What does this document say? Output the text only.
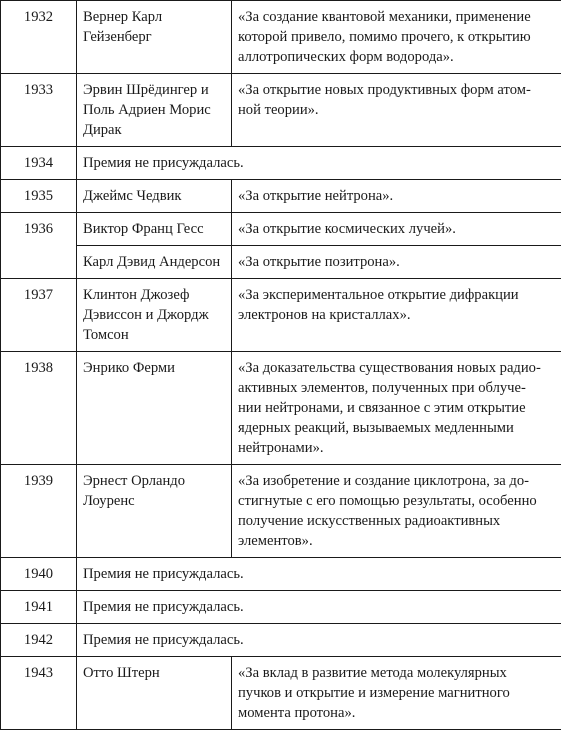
1932	Вернер Карл
Гейзенберг	«За создание квантовой механики, применение
которой привело, помимо прочего, к открытию
аллотропических форм водорода».
1933	Эрвин Шрёдингер и
Поль Адриен Морис
Дирак	«За открытие новых продуктивных форм атом-
ной теории».
1934	Премия не присуждалась.	
1935	Джеймс Чедвик	«За открытие нейтрона».
1936	Виктор Франц Гесс	«За открытие космических лучей».
	Карл Дэвид Андерсон	«За открытие позитрона».
1937	Клинтон Джозеф
Дэвиссон и Джордж
Томсон	«За экспериментальное открытие дифракции
электронов на кристаллах».
1938	Энрико Ферми	«За доказательства существования новых радио-
активных элементов, полученных при облуче-
нии нейтронами, и связанное с этим открытие
ядерных реакций, вызываемых медленными
нейтронами».
1939	Эрнест Орландо
Лоуренс	«За изобретение и создание циклотрона, за до-
стигнутые с его помощью результаты, особенно
получение искусственных радиоактивных
элементов».
1940	Премия не присуждалась.	
1941	Премия не присуждалась.	
1942	Премия не присуждалась.	
1943	Отто Штерн	«За вклад в развитие метода молекулярных
пучков и открытие и измерение магнитного
момента протона».
